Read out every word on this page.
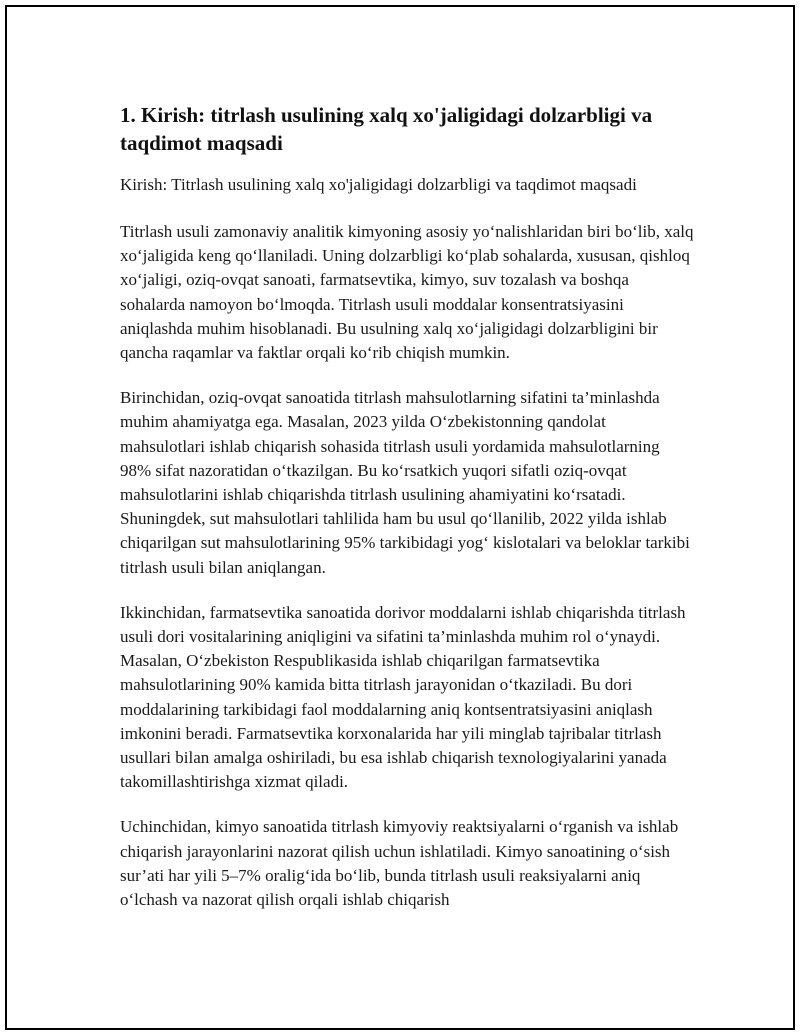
1. Kirish: titrlash usulining xalq xo'jaligidagi dolzarbligi va taqdimot maqsadi

Kirish: Titrlash usulining xalq xo'jaligidagi dolzarbligi va taqdimot maqsadi

Titrlash usuli zamonaviy analitik kimyoning asosiy yo‘nalishlaridan biri bo‘lib, xalq xo‘jaligida keng qo‘llaniladi. Uning dolzarbligi ko‘plab sohalarda, xususan, qishloq xo‘jaligi, oziq-ovqat sanoati, farmatsevtika, kimyo, suv tozalash va boshqa sohalarda namoyon bo‘lmoqda. Titrlash usuli moddalar konsentratsiyasini aniqlashda muhim hisoblanadi. Bu usulning xalq xo‘jaligidagi dolzarbligini bir qancha raqamlar va faktlar orqali ko‘rib chiqish mumkin.

Birinchidan, oziq-ovqat sanoatida titrlash mahsulotlarning sifatini ta’minlashda muhim ahamiyatga ega. Masalan, 2023 yilda O‘zbekistonning qandolat mahsulotlari ishlab chiqarish sohasida titrlash usuli yordamida mahsulotlarning 98% sifat nazoratidan o‘tkazilgan. Bu ko‘rsatkich yuqori sifatli oziq-ovqat mahsulotlarini ishlab chiqarishda titrlash usulining ahamiyatini ko‘rsatadi. Shuningdek, sut mahsulotlari tahlilida ham bu usul qo‘llanilib, 2022 yilda ishlab chiqarilgan sut mahsulotlarining 95% tarkibidagi yog‘ kislotalari va beloklar tarkibi titrlash usuli bilan aniqlangan.

Ikkinchidan, farmatsevtika sanoatida dorivor moddalarni ishlab chiqarishda titrlash usuli dori vositalarining aniqligini va sifatini ta’minlashda muhim rol o‘ynaydi. Masalan, O‘zbekiston Respublikasida ishlab chiqarilgan farmatsevtika mahsulotlarining 90% kamida bitta titrlash jarayonidan o‘tkaziladi. Bu dori moddalarining tarkibidagi faol moddalarning aniq kontsentratsiyasini aniqlash imkonini beradi. Farmatsevtika korxonalarida har yili minglab tajribalar titrlash usullari bilan amalga oshiriladi, bu esa ishlab chiqarish texnologiyalarini yanada takomillashtirishga xizmat qiladi.

Uchinchidan, kimyo sanoatida titrlash kimyoviy reaktsiyalarni o‘rganish va ishlab chiqarish jarayonlarini nazorat qilish uchun ishlatiladi. Kimyo sanoatining o‘sish sur’ati har yili 5–7% oralig‘ida bo‘lib, bunda titrlash usuli reaksiyalarni aniq o‘lchash va nazorat qilish orqali ishlab chiqarish
